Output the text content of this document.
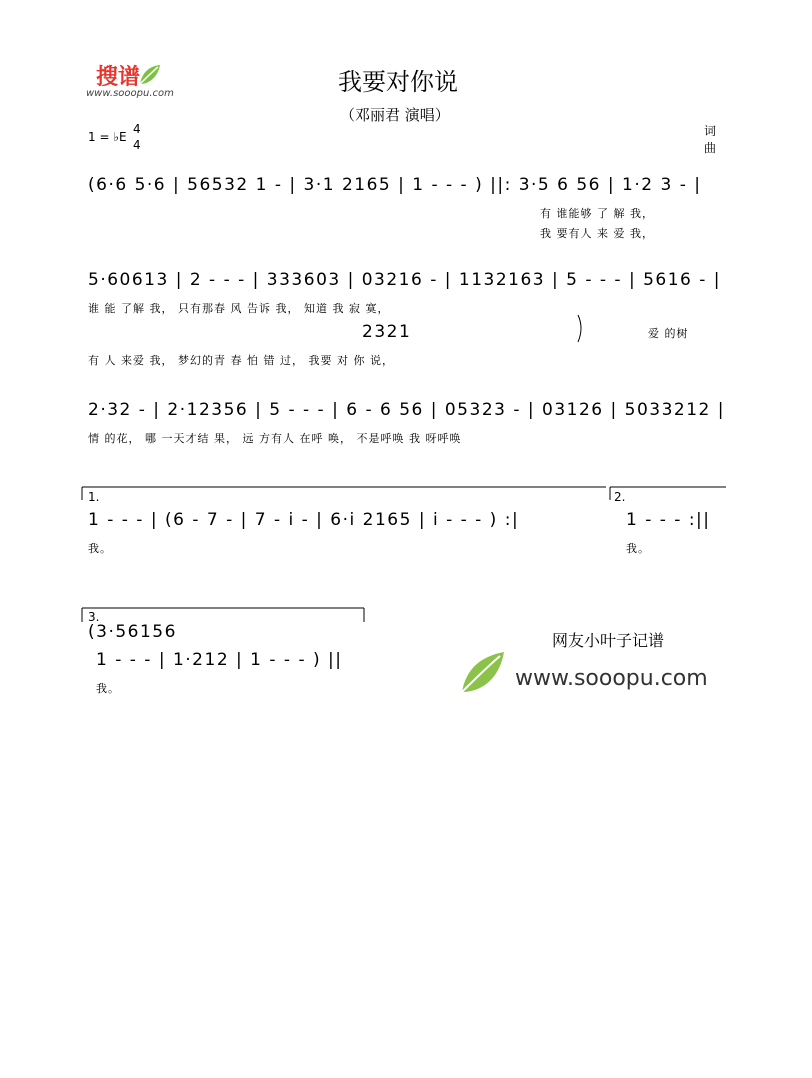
搜谱
www.sooopu.com	我要对你说
（邓丽君 演唱）
1 = ♭E
4
4
词
曲
(6·6 5·6 | 56532 1 - | 3·1 2165 | 1 - - - ) ||: 3·5 6 56 | 1·2 3 - |
有 谁能够 了 解 我，
我 要有人 来 爱 我，
5·60613 | 2 - - - | 333603 | 03216 - | 1132163 | 5 - - - | 5616 - |
谁 能 了解 我， 只有那春 风 告诉 我， 知道 我 寂 寞，
2321	爱 的树
有 人 来爱 我， 梦幻的青 春 怕 错 过， 我要 对 你 说，
2·32 - | 2·12356 | 5 - - - | 6 - 6 56 | 05323 - | 03126 | 5033212 |
情 的花， 哪 一天才结 果， 远 方有人 在呼 唤， 不是呼唤 我 呀呼唤
1.
1 - - - | (6 - 7 - | 7 - i - | 6·i 2165 | i - - - ) :|
我。
2.
1 - - - :||
我。
3.
(3·56156
1 - - - | 1·212 | 1 - - - ) ||
我。
网友小叶子记谱
www.sooopu.com
